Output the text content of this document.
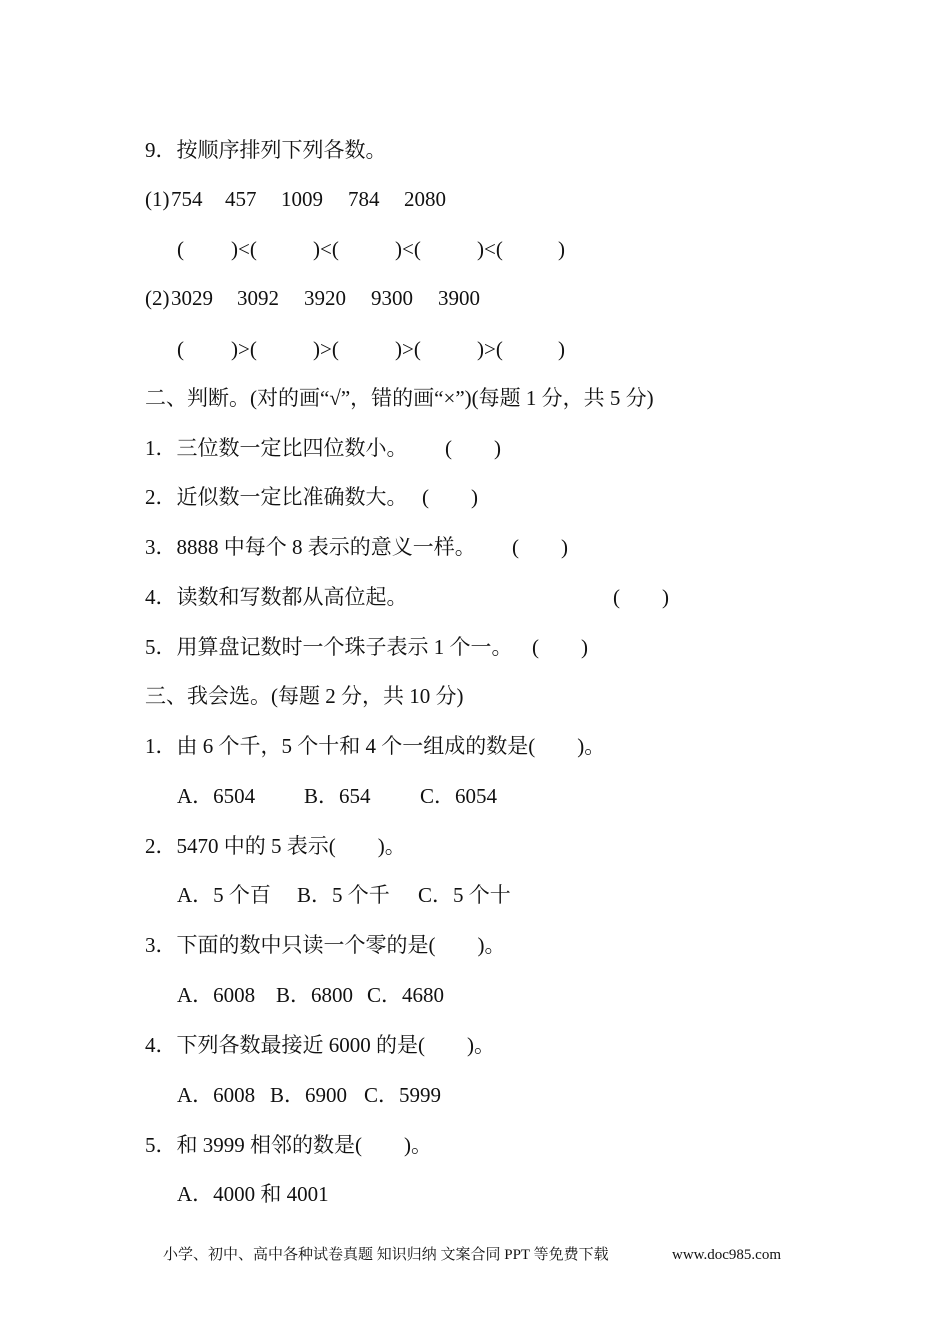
9．按顺序排列下列各数。
(1) 754 457 1009 784 2080
( )<(	)<(	)<(	)<(	)
(2) 3029 3092 3920 9300 3900
( )>(	)>(	)>(	)>(	)
二、判断。(对的画“√”，错的画“×”)(每题 1 分，共 5 分)
1．三位数一定比四位数小。 (　　)
2．近似数一定比准确数大。 (　　)
3．8888 中每个 8 表示的意义一样。 (　　)
4．读数和写数都从高位起。	(　　)
5．用算盘记数时一个珠子表示 1 个一。 (　　)
三、我会选。(每题 2 分，共 10 分)
1．由 6 个千，5 个十和 4 个一组成的数是(　　)。
A．6504 B．654 C．6054
2．5470 中的 5 表示(　　)。
A．5 个百 B．5 个千 C．5 个十
3．下面的数中只读一个零的是(　　)。
A．6008 B．6800 C．4680
4．下列各数最接近 6000 的是(　　)。
A．6008 B．6900 C．5999
5．和 3999 相邻的数是(　　)。
A．4000 和 4001
小学、初中、高中各种试卷真题 知识归纳 文案合同 PPT 等免费下载	www.doc985.com
